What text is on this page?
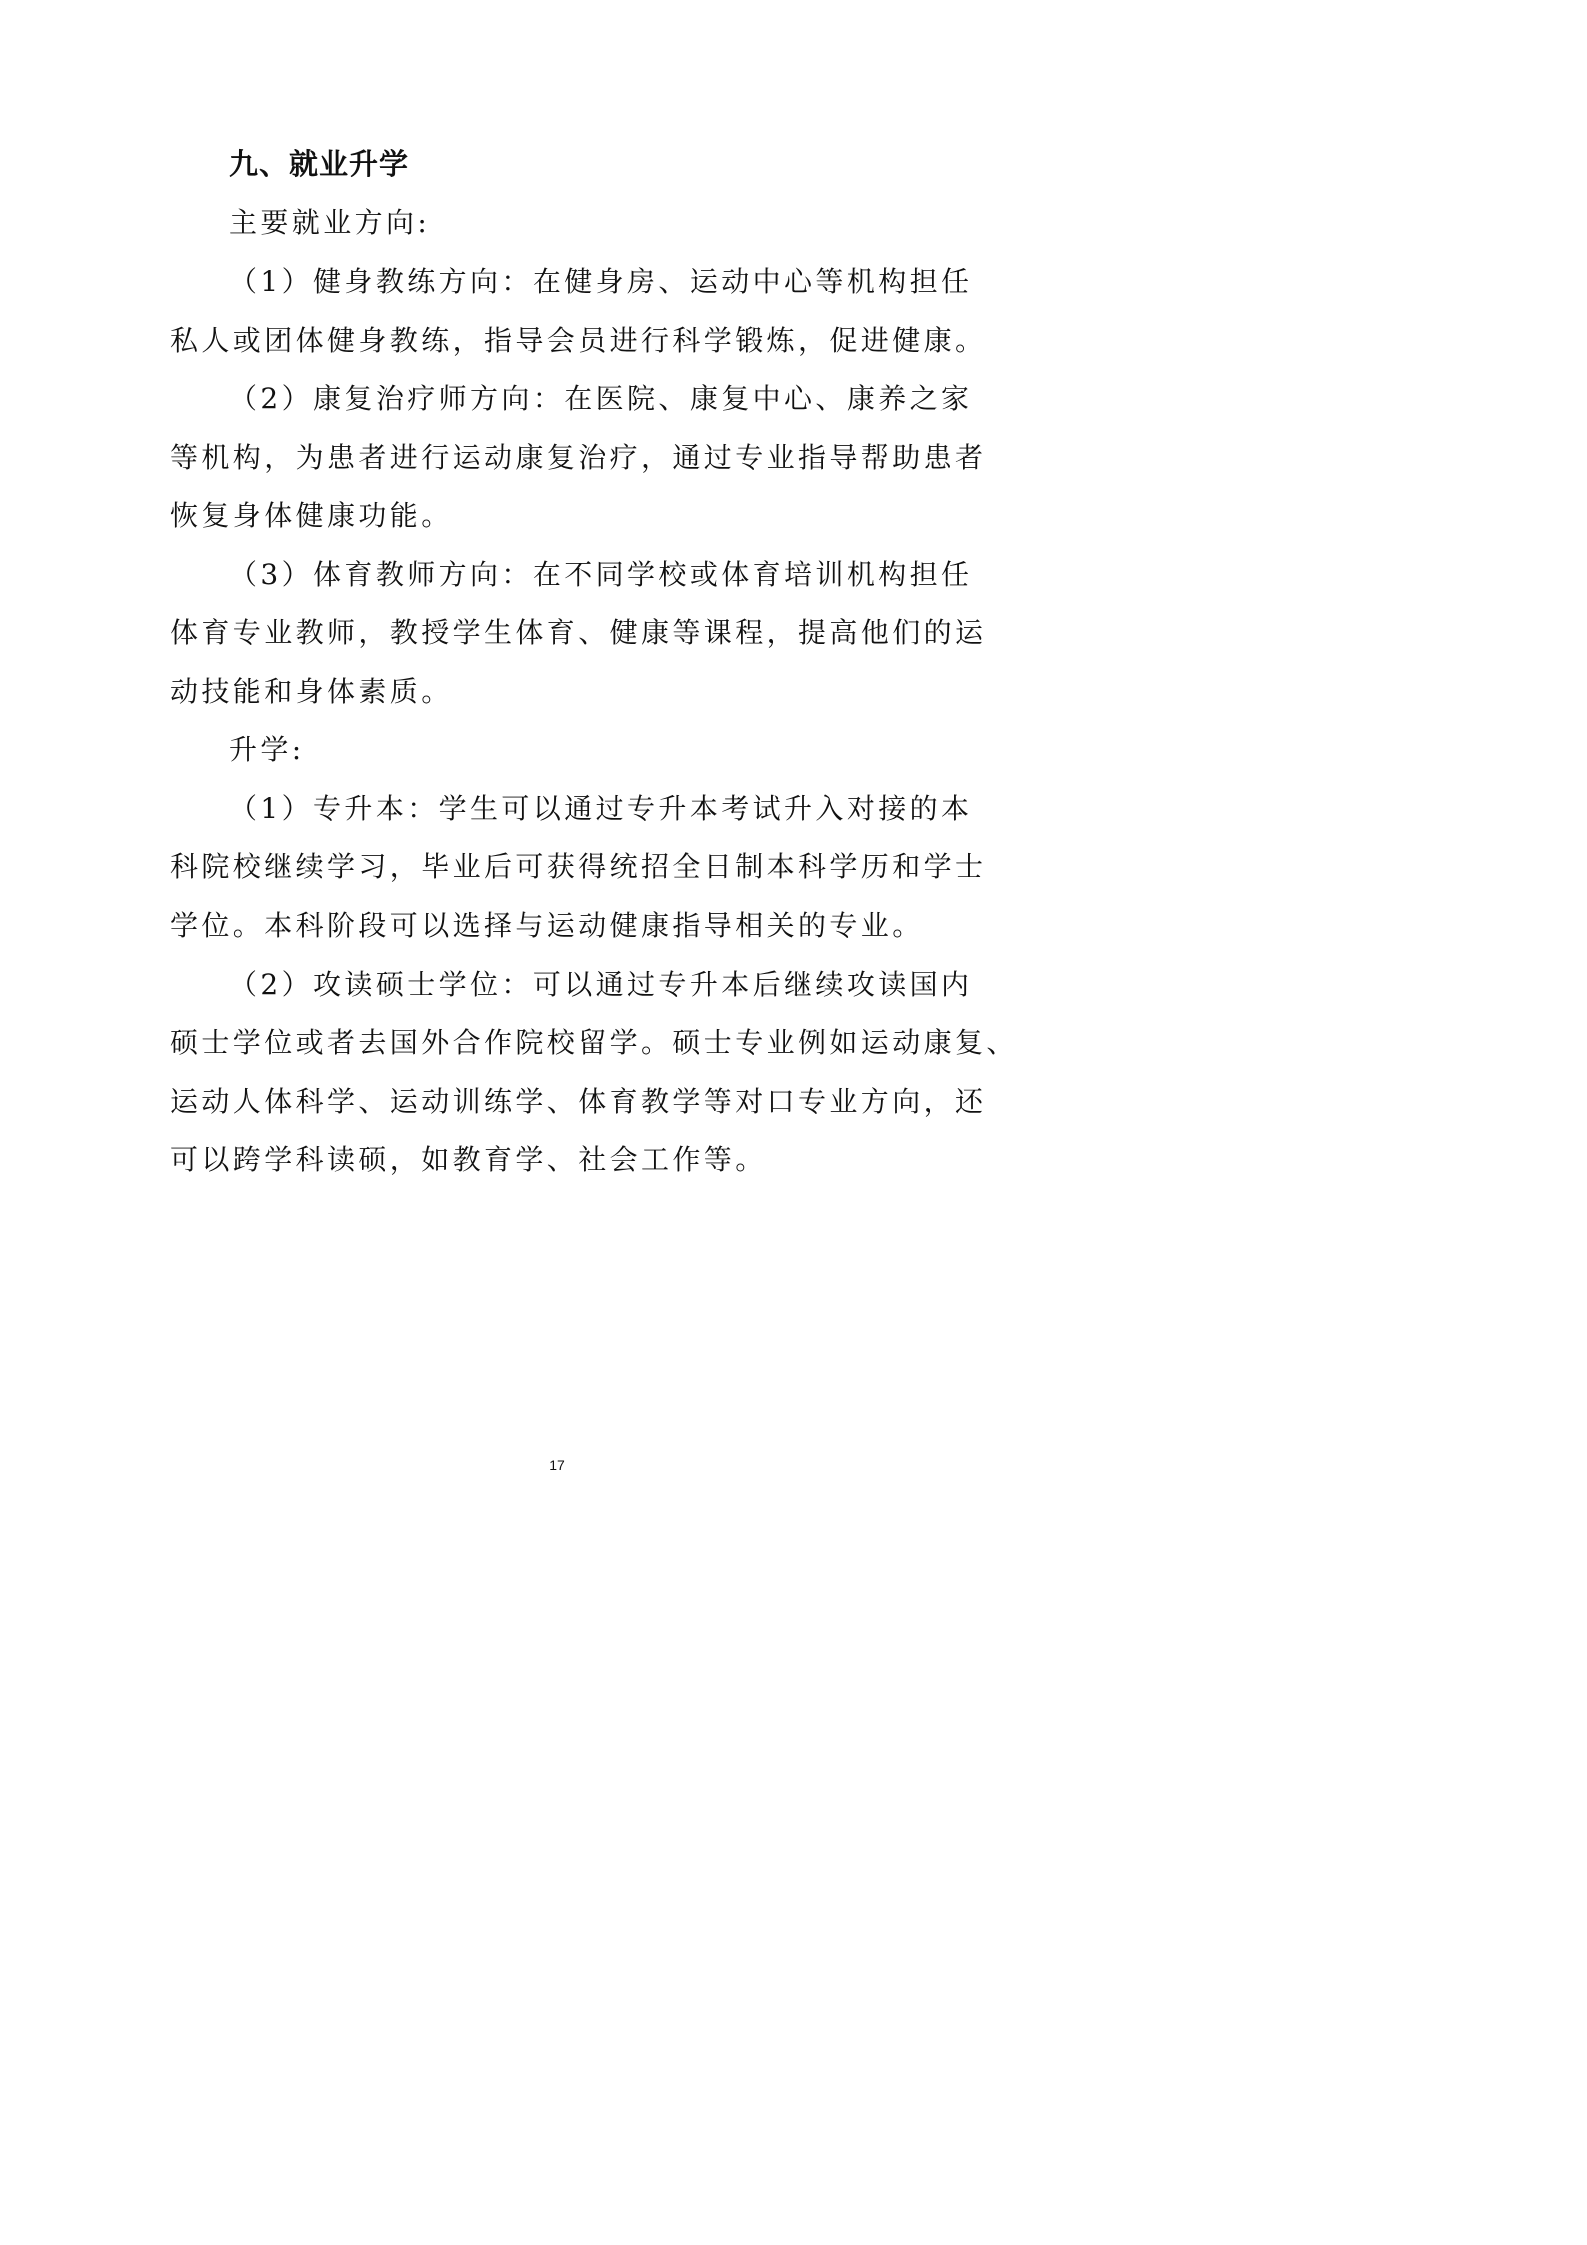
九、就业升学
主要就业方向:
（1）健身教练方向：在健身房、运动中心等机构担任
私人或团体健身教练，指导会员进行科学锻炼，促进健康。
（2）康复治疗师方向：在医院、康复中心、康养之家
等机构，为患者进行运动康复治疗，通过专业指导帮助患者
恢复身体健康功能。
（3）体育教师方向：在不同学校或体育培训机构担任
体育专业教师，教授学生体育、健康等课程，提高他们的运
动技能和身体素质。
升学:
（1）专升本：学生可以通过专升本考试升入对接的本
科院校继续学习，毕业后可获得统招全日制本科学历和学士
学位。本科阶段可以选择与运动健康指导相关的专业。
（2）攻读硕士学位：可以通过专升本后继续攻读国内
硕士学位或者去国外合作院校留学。硕士专业例如运动康复、
运动人体科学、运动训练学、体育教学等对口专业方向，还
可以跨学科读硕，如教育学、社会工作等。
17
